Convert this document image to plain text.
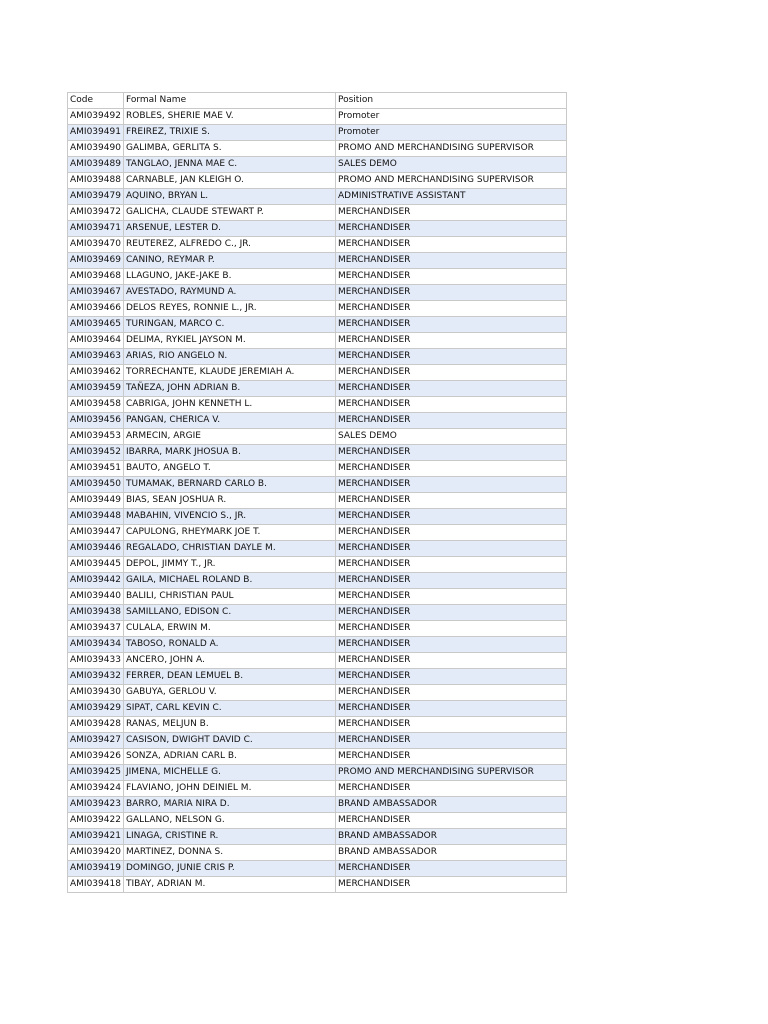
Code	Formal Name	Position
AMI039492	ROBLES, SHERIE MAE V.	Promoter
AMI039491	FREIREZ, TRIXIE S.	Promoter
AMI039490	GALIMBA, GERLITA S.	PROMO AND MERCHANDISING SUPERVISOR
AMI039489	TANGLAO, JENNA MAE C.	SALES DEMO
AMI039488	CARNABLE, JAN KLEIGH O.	PROMO AND MERCHANDISING SUPERVISOR
AMI039479	AQUINO, BRYAN L.	ADMINISTRATIVE ASSISTANT
AMI039472	GALICHA, CLAUDE STEWART P.	MERCHANDISER
AMI039471	ARSENUE, LESTER D.	MERCHANDISER
AMI039470	REUTEREZ, ALFREDO C., JR.	MERCHANDISER
AMI039469	CANINO, REYMAR P.	MERCHANDISER
AMI039468	LLAGUNO, JAKE-JAKE B.	MERCHANDISER
AMI039467	AVESTADO, RAYMUND A.	MERCHANDISER
AMI039466	DELOS REYES, RONNIE L., JR.	MERCHANDISER
AMI039465	TURINGAN, MARCO C.	MERCHANDISER
AMI039464	DELIMA, RYKIEL JAYSON M.	MERCHANDISER
AMI039463	ARIAS, RIO ANGELO N.	MERCHANDISER
AMI039462	TORRECHANTE, KLAUDE JEREMIAH A.	MERCHANDISER
AMI039459	TAÑEZA, JOHN ADRIAN B.	MERCHANDISER
AMI039458	CABRIGA, JOHN KENNETH L.	MERCHANDISER
AMI039456	PANGAN, CHERICA V.	MERCHANDISER
AMI039453	ARMECIN, ARGIE	SALES DEMO
AMI039452	IBARRA, MARK JHOSUA B.	MERCHANDISER
AMI039451	BAUTO, ANGELO T.	MERCHANDISER
AMI039450	TUMAMAK, BERNARD CARLO B.	MERCHANDISER
AMI039449	BIAS, SEAN JOSHUA R.	MERCHANDISER
AMI039448	MABAHIN, VIVENCIO S., JR.	MERCHANDISER
AMI039447	CAPULONG, RHEYMARK JOE T.	MERCHANDISER
AMI039446	REGALADO, CHRISTIAN DAYLE M.	MERCHANDISER
AMI039445	DEPOL, JIMMY T., JR.	MERCHANDISER
AMI039442	GAILA, MICHAEL ROLAND B.	MERCHANDISER
AMI039440	BALILI, CHRISTIAN PAUL	MERCHANDISER
AMI039438	SAMILLANO, EDISON C.	MERCHANDISER
AMI039437	CULALA, ERWIN M.	MERCHANDISER
AMI039434	TABOSO, RONALD A.	MERCHANDISER
AMI039433	ANCERO, JOHN A.	MERCHANDISER
AMI039432	FERRER, DEAN LEMUEL B.	MERCHANDISER
AMI039430	GABUYA, GERLOU V.	MERCHANDISER
AMI039429	SIPAT, CARL KEVIN C.	MERCHANDISER
AMI039428	RANAS, MELJUN B.	MERCHANDISER
AMI039427	CASISON, DWIGHT DAVID C.	MERCHANDISER
AMI039426	SONZA, ADRIAN CARL B.	MERCHANDISER
AMI039425	JIMENA, MICHELLE G.	PROMO AND MERCHANDISING SUPERVISOR
AMI039424	FLAVIANO, JOHN DEINIEL M.	MERCHANDISER
AMI039423	BARRO, MARIA NIRA D.	BRAND AMBASSADOR
AMI039422	GALLANO, NELSON G.	MERCHANDISER
AMI039421	LINAGA, CRISTINE R.	BRAND AMBASSADOR
AMI039420	MARTINEZ, DONNA S.	BRAND AMBASSADOR
AMI039419	DOMINGO, JUNIE CRIS P.	MERCHANDISER
AMI039418	TIBAY, ADRIAN M.	MERCHANDISER
